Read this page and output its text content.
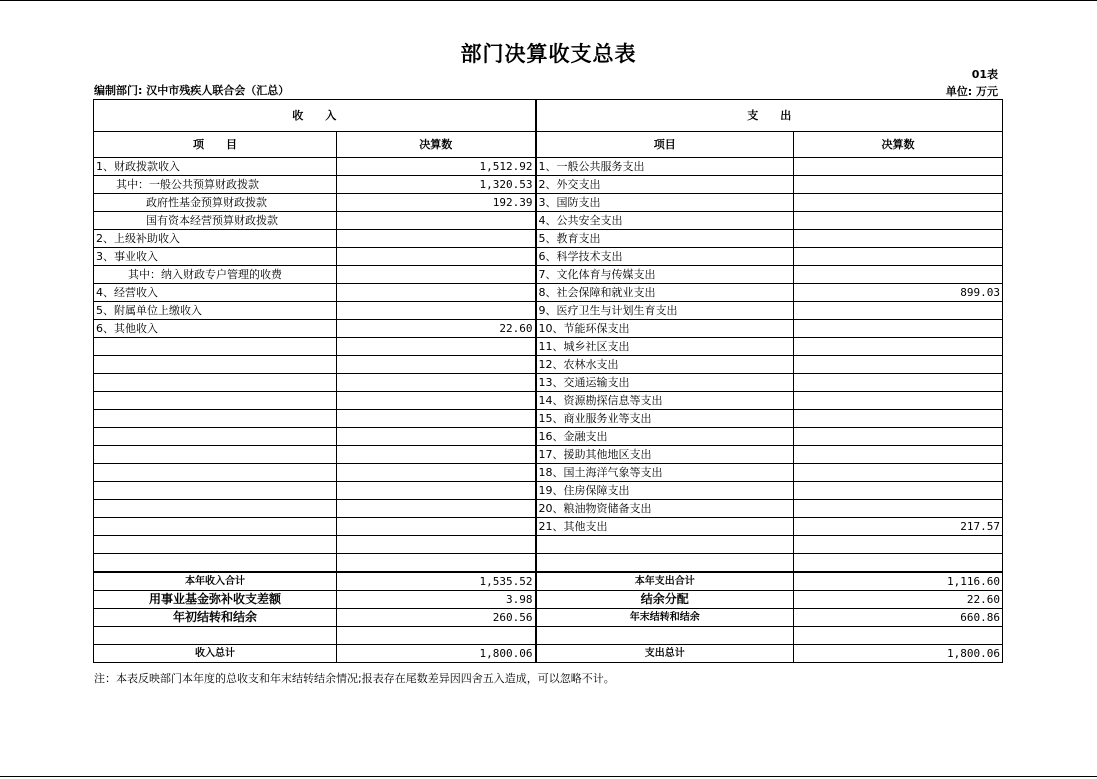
部门决算收支总表
01表
编制部门: 汉中市残疾人联合会（汇总）	单位: 万元
收　　入		支　　出	
项　　目	决算数	项目	决算数
1、财政拨款收入	1,512.92	1、一般公共服务支出	
其中：一般公共预算财政拨款	1,320.53	2、外交支出	
政府性基金预算财政拨款	192.39	3、国防支出	
国有资本经营预算财政拨款		4、公共安全支出	
2、上级补助收入		5、教育支出	
3、事业收入		6、科学技术支出	
其中：纳入财政专户管理的收费		7、文化体育与传媒支出	
4、经营收入		8、社会保障和就业支出	899.03
5、附属单位上缴收入		9、医疗卫生与计划生育支出	
6、其他收入	22.60	10、节能环保支出	
		11、城乡社区支出	
		12、农林水支出	
		13、交通运输支出	
		14、资源勘探信息等支出	
		15、商业服务业等支出	
		16、金融支出	
		17、援助其他地区支出	
		18、国土海洋气象等支出	
		19、住房保障支出	
		20、粮油物资储备支出	
		21、其他支出	217.57

本年收入合计	1,535.52	本年支出合计	1,116.60
用事业基金弥补收支差额	3.98	结余分配	22.60
年初结转和结余	260.56	年末结转和结余	660.86

收入总计	1,800.06	支出总计	1,800.06
注：本表反映部门本年度的总收支和年末结转结余情况;报表存在尾数差异因四舍五入造成，可以忽略不计。
